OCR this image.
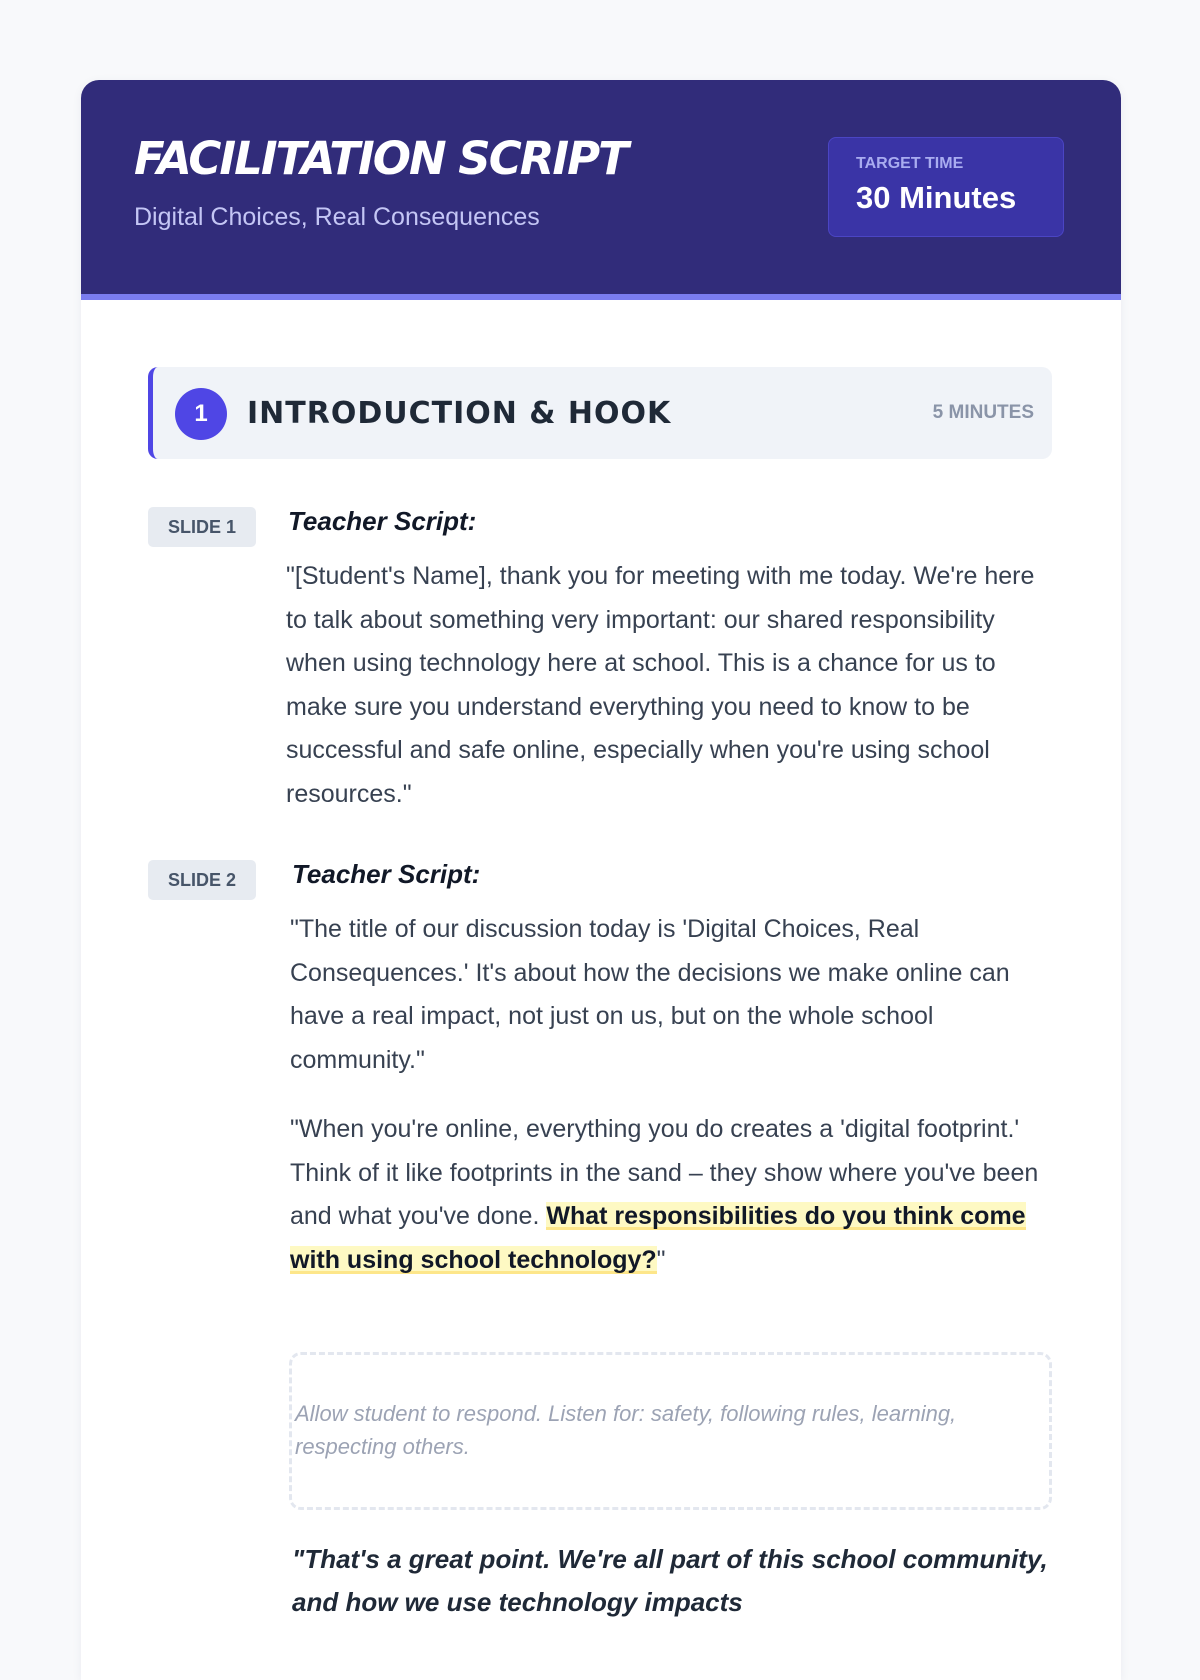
FACILITATION SCRIPT
Digital Choices, Real Consequences
TARGET TIME
30 Minutes
1	INTRODUCTION & HOOK	5 MINUTES
SLIDE 1	Teacher Script:
"[Student's Name], thank you for meeting with me today. We're here to talk about something very important: our shared responsibility when using technology here at school. This is a chance for us to make sure you understand everything you need to know to be successful and safe online, especially when you're using school resources."
SLIDE 2	Teacher Script:
"The title of our discussion today is 'Digital Choices, Real Consequences.' It's about how the decisions we make online can have a real impact, not just on us, but on the whole school community."
"When you're online, everything you do creates a 'digital footprint.' Think of it like footprints in the sand – they show where you've been and what you've done. What responsibilities do you think come with using school technology?"
Allow student to respond. Listen for: safety, following rules, learning, respecting others.
"That's a great point. We're all part of this school community, and how we use technology impacts
